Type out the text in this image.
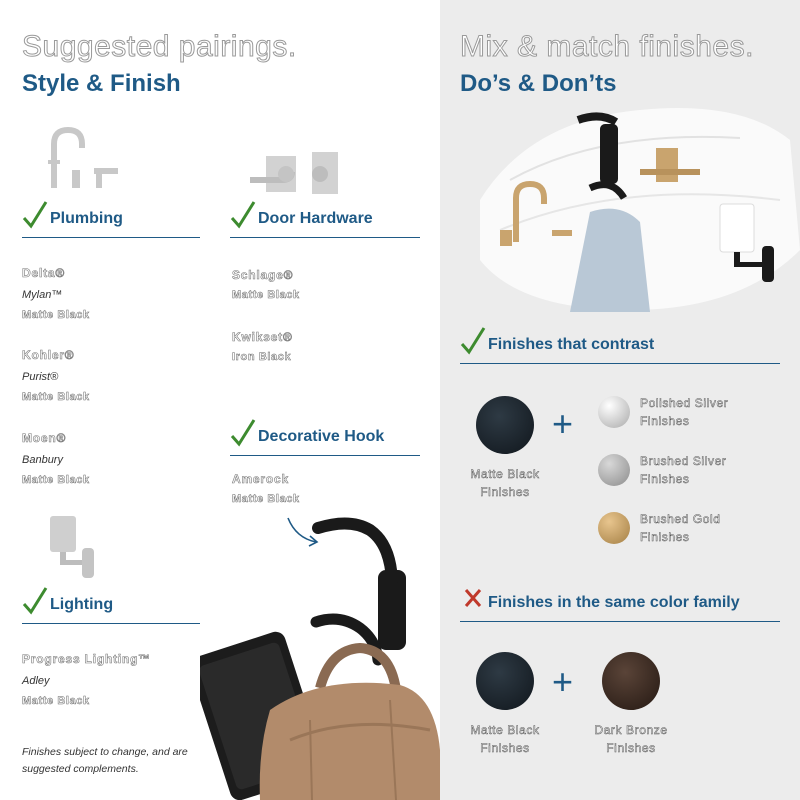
Suggested pairings.
Style & Finish
Plumbing
Delta®
Mylan™
Matte Black
Kohler®
Purist®
Matte Black
Moen®
Banbury
Matte Black
Door Hardware
Schlage®
Matte Black
Kwikset®
Iron Black
Decorative Hook
Amerock
Matte Black
Lighting
Progress Lighting™
Adley
Matte Black
Finishes subject to change, and are suggested complements.
Mix & match finishes.
Do’s & Don’ts
Finishes that contrast
Matte Black
Finishes
+	Polished Silver
Finishes
Brushed Silver
Finishes
Brushed Gold
Finishes
Finishes in the same color family
Matte Black
Finishes
+
Dark Bronze
Finishes
